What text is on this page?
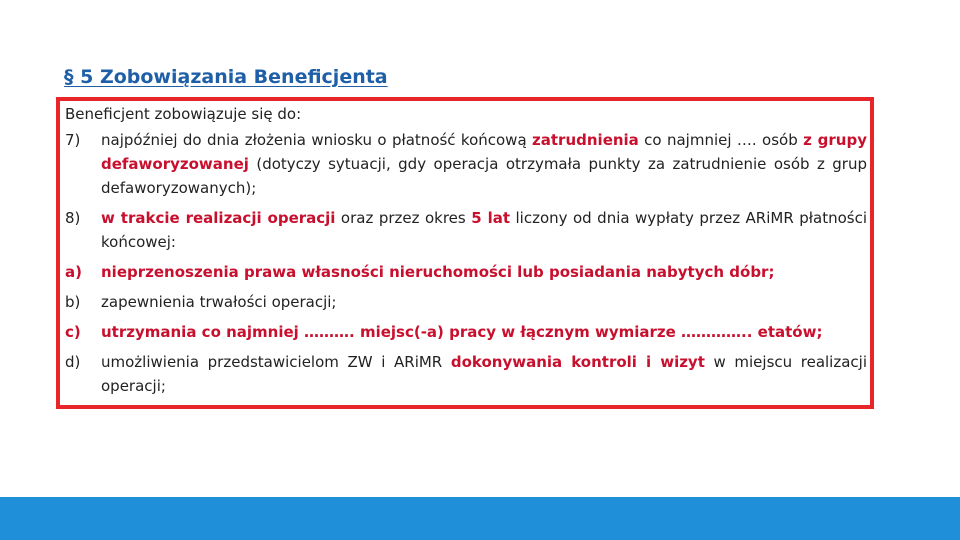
§ 5 Zobowiązania Beneficjenta

Beneficjent zobowiązuje się do:

7)	najpóźniej do dnia złożenia wniosku o płatność końcową zatrudnienia co najmniej …. osób z grupy defaworyzowanej (dotyczy sytuacji, gdy operacja otrzymała punkty za zatrudnienie osób z grup defaworyzowanych);
8)	w trakcie realizacji operacji oraz przez okres 5 lat liczony od dnia wypłaty przez ARiMR płatności końcowej:
a)	nieprzenoszenia prawa własności nieruchomości lub posiadania nabytych dóbr;
b)	zapewnienia trwałości operacji;
c)	utrzymania co najmniej ………. miejsc(-a) pracy w łącznym wymiarze ………….. etatów;
d)	umożliwienia przedstawicielom ZW i ARiMR dokonywania kontroli i wizyt w miejscu realizacji operacji;
